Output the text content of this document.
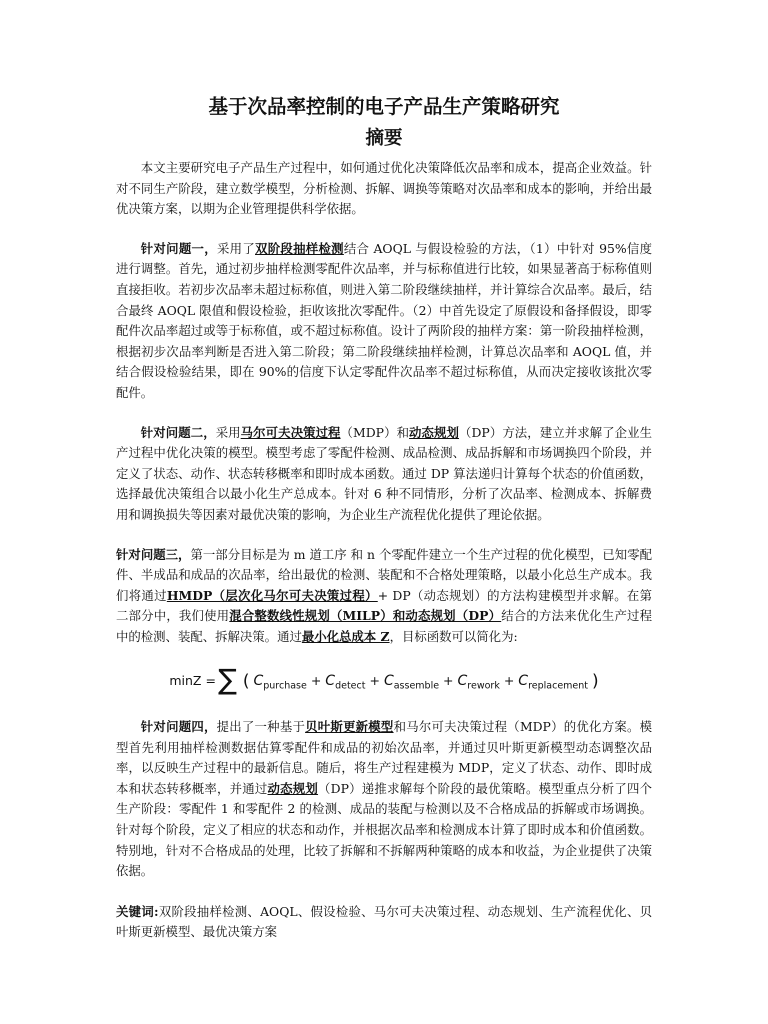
基于次品率控制的电子产品生产策略研究
摘要

本文主要研究电子产品生产过程中，如何通过优化决策降低次品率和成本，提高企业效益。针对不同生产阶段，建立数学模型，分析检测、拆解、调换等策略对次品率和成本的影响，并给出最优决策方案，以期为企业管理提供科学依据。

针对问题一，采用了双阶段抽样检测结合 AOQL 与假设检验的方法，（1）中针对 95%信度进行调整。首先，通过初步抽样检测零配件次品率，并与标称值进行比较，如果显著高于标称值则直接拒收。若初步次品率未超过标称值，则进入第二阶段继续抽样，并计算综合次品率。最后，结合最终 AOQL 限值和假设检验，拒收该批次零配件。（2）中首先设定了原假设和备择假设，即零配件次品率超过或等于标称值，或不超过标称值。设计了两阶段的抽样方案：第一阶段抽样检测，根据初步次品率判断是否进入第二阶段；第二阶段继续抽样检测，计算总次品率和 AOQL 值，并结合假设检验结果，即在 90%的信度下认定零配件次品率不超过标称值，从而决定接收该批次零配件。

针对问题二，采用马尔可夫决策过程（MDP）和动态规划（DP）方法，建立并求解了企业生产过程中优化决策的模型。模型考虑了零配件检测、成品检测、成品拆解和市场调换四个阶段，并定义了状态、动作、状态转移概率和即时成本函数。通过 DP 算法递归计算每个状态的价值函数，选择最优决策组合以最小化生产总成本。针对 6 种不同情形，分析了次品率、检测成本、拆解费用和调换损失等因素对最优决策的影响，为企业生产流程优化提供了理论依据。

针对问题三，第一部分目标是为 m 道工序 和 n 个零配件建立一个生产过程的优化模型，已知零配件、半成品和成品的次品率，给出最优的检测、装配和不合格处理策略，以最小化总生产成本。我们将通过HMDP（层次化马尔可夫决策过程）+ DP（动态规划）的方法构建模型并求解。在第二部分中，我们使用混合整数线性规划（MILP）和动态规划（DP）结合的方法来优化生产过程中的检测、装配、拆解决策。通过最小化总成本 Z，目标函数可以简化为:

minZ =∑ ( $C_{purchase} + C_{detect} + C_{assemble} + C_{rework} + C_{replacement}$ )

针对问题四，提出了一种基于贝叶斯更新模型和马尔可夫决策过程（MDP）的优化方案。模型首先利用抽样检测数据估算零配件和成品的初始次品率，并通过贝叶斯更新模型动态调整次品率，以反映生产过程中的最新信息。随后，将生产过程建模为 MDP，定义了状态、动作、即时成本和状态转移概率，并通过动态规划（DP）递推求解每个阶段的最优策略。模型重点分析了四个生产阶段：零配件 1 和零配件 2 的检测、成品的装配与检测以及不合格成品的拆解或市场调换。针对每个阶段，定义了相应的状态和动作，并根据次品率和检测成本计算了即时成本和价值函数。特别地，针对不合格成品的处理，比较了拆解和不拆解两种策略的成本和收益，为企业提供了决策依据。

关键词:双阶段抽样检测、AOQL、假设检验、马尔可夫决策过程、动态规划、生产流程优化、贝叶斯更新模型、最优决策方案
